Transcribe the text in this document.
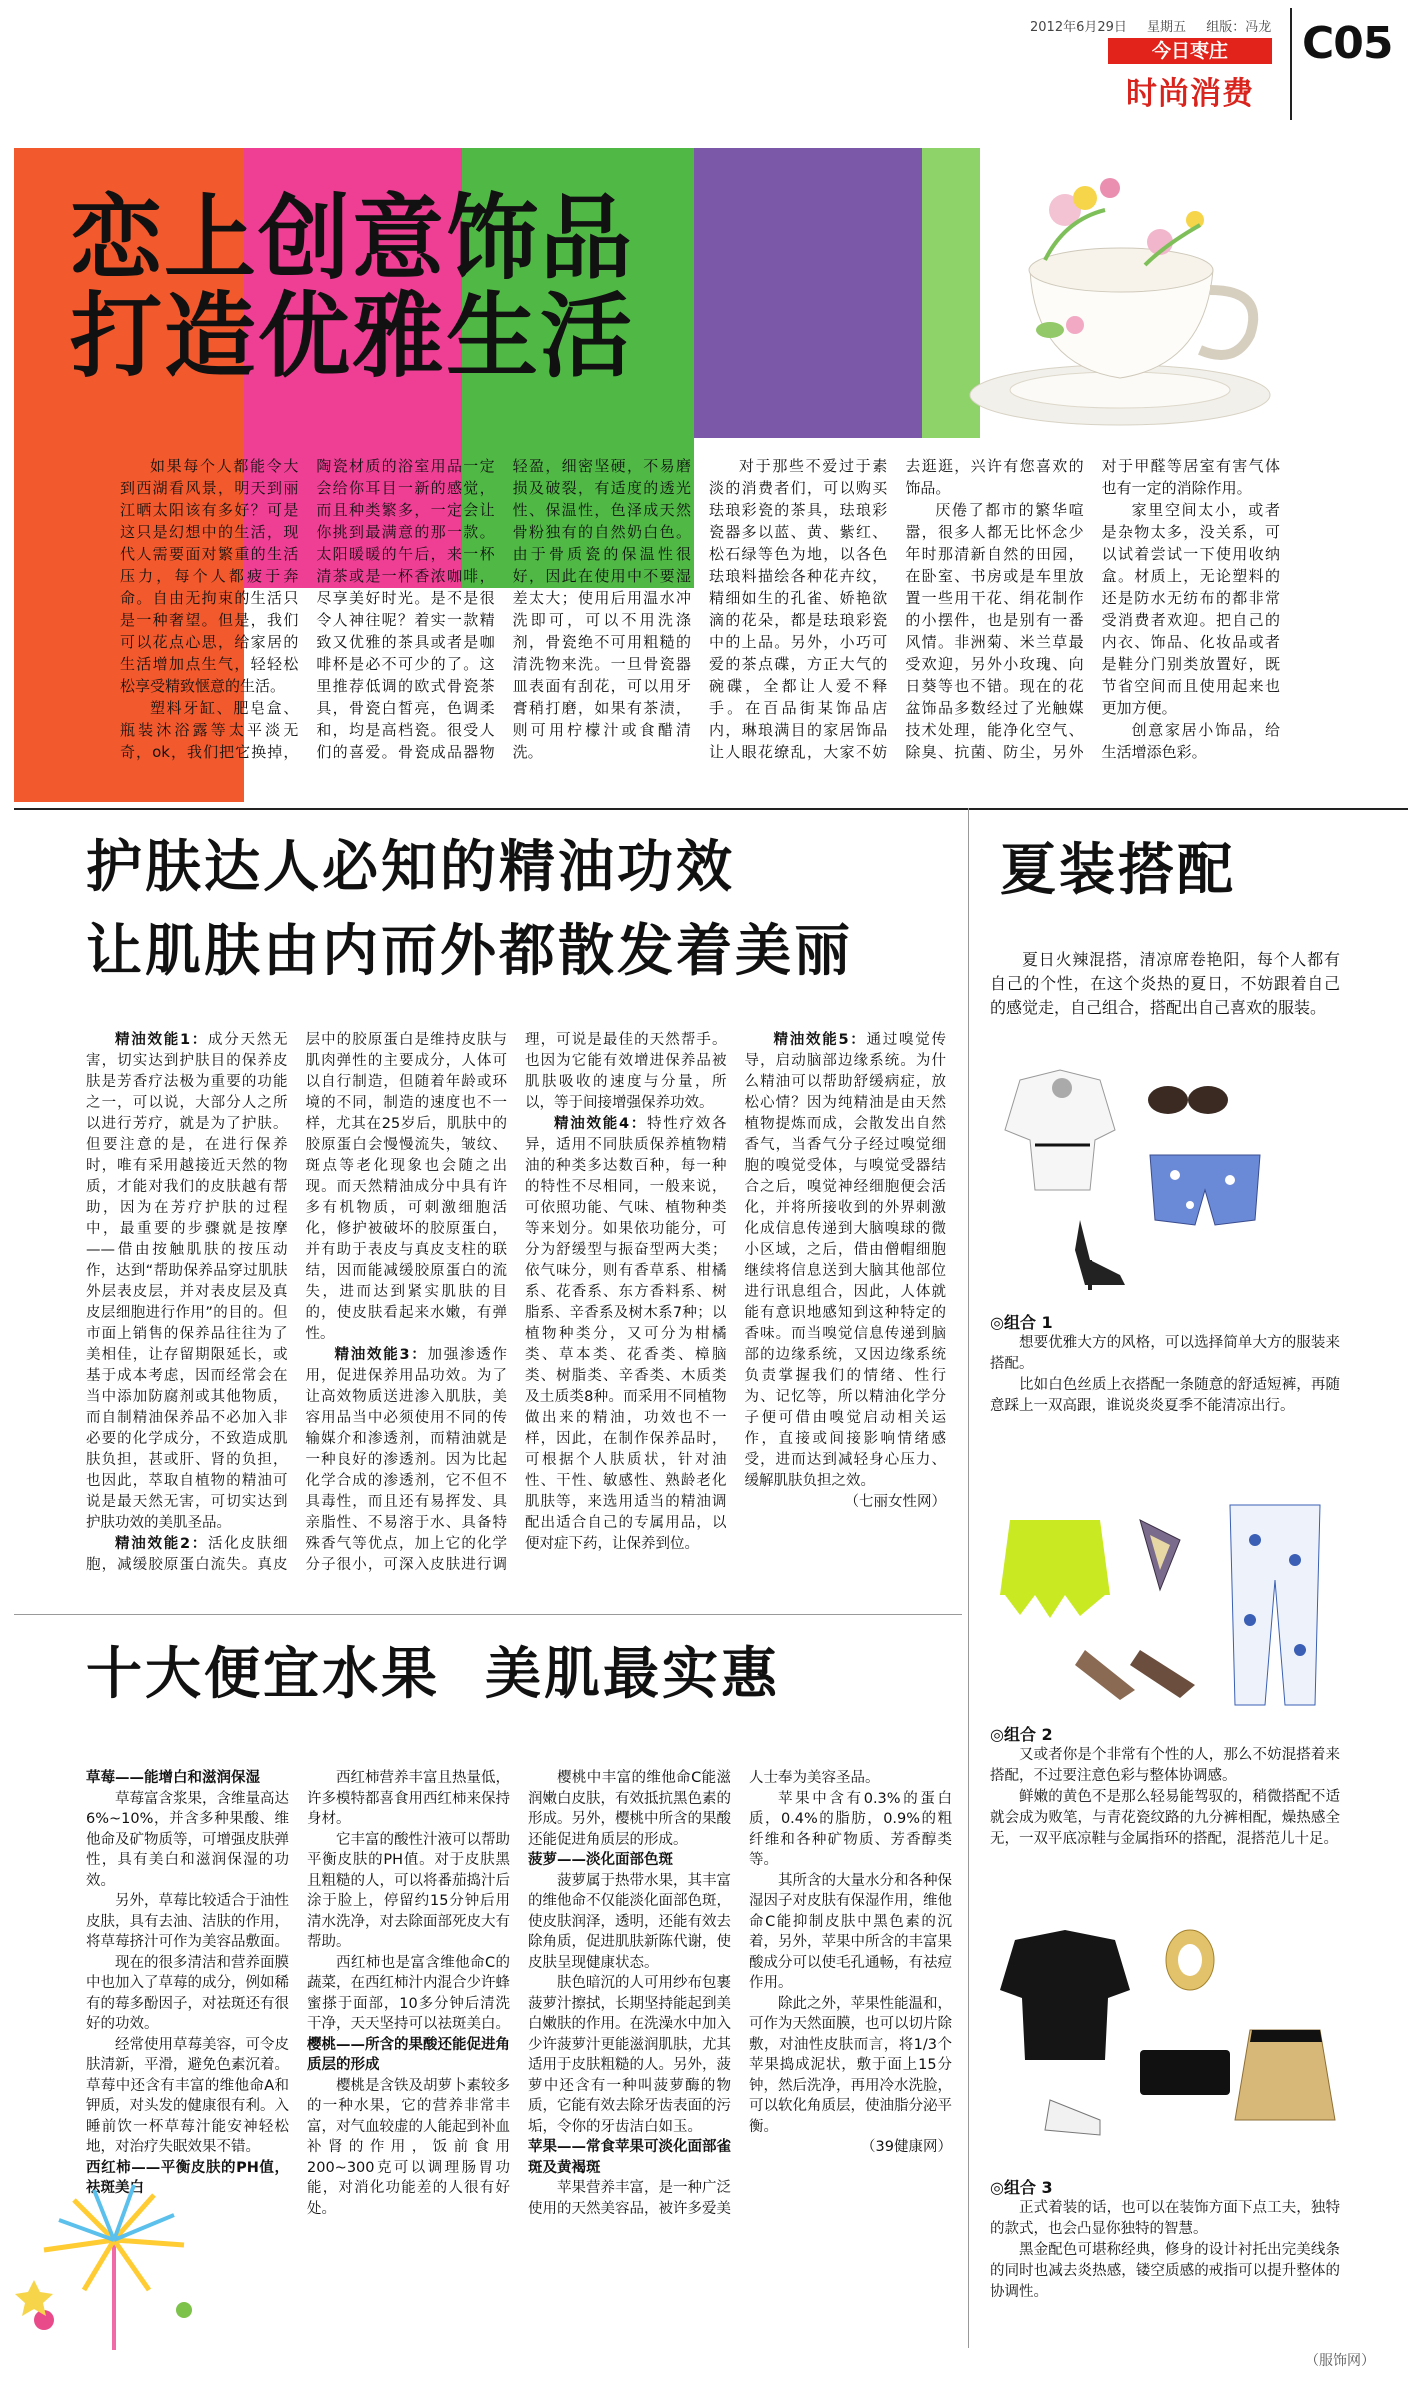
2012年6月29日 星期五 组版：冯龙
今日枣庄
时尚消费
C05
恋上创意饰品
打造优雅生活

如果每个人都能令大到西湖看风景，明天到丽江晒太阳该有多好？可是这只是幻想中的生活，现代人需要面对繁重的生活压力，每个人都疲于奔命。自由无拘束的生活只是一种奢望。但是，我们可以花点心思，给家居的生活增加点生气，轻轻松松享受精致惬意的生活。

塑料牙缸、肥皂盒、瓶装沐浴露等太平淡无奇，ok，我们把它换掉，陶瓷材质的浴室用品一定会给你耳目一新的感觉，而且种类繁多，一定会让你挑到最满意的那一款。太阳暖暖的午后，来一杯清茶或是一杯香浓咖啡，尽享美好时光。是不是很令人神往呢？着实一款精致又优雅的茶具或者是咖啡杯是必不可少的了。这里推荐低调的欧式骨瓷茶具，骨瓷白皙亮，色调柔和，均是高档瓷。很受人们的喜爱。骨瓷成品器物轻盈，细密坚硬，不易磨损及破裂，有适度的透光性、保温性，色泽成天然骨粉独有的自然奶白色。由于骨质瓷的保温性很好，因此在使用中不要湿差太大；使用后用温水冲洗即可，可以不用洗涤剂，骨瓷绝不可用粗糙的清洗物来洗。一旦骨瓷器皿表面有刮花，可以用牙膏稍打磨，如果有茶渍，则可用柠檬汁或食醋清洗。

对于那些不爱过于素淡的消费者们，可以购买珐琅彩瓷的茶具，珐琅彩瓷器多以蓝、黄、紫红、松石绿等色为地，以各色珐琅料描绘各种花卉纹，精细如生的孔雀、娇艳欲滴的花朵，都是珐琅彩瓷中的上品。另外，小巧可爱的茶点碟，方正大气的碗碟，全都让人爱不释手。在百品街某饰品店内，琳琅满目的家居饰品让人眼花缭乱，大家不妨去逛逛，兴许有您喜欢的饰品。

厌倦了都市的繁华喧嚣，很多人都无比怀念少年时那清新自然的田园，在卧室、书房或是车里放置一些用干花、绢花制作的小摆件，也是别有一番风情。非洲菊、米兰草最受欢迎，另外小玫瑰、向日葵等也不错。现在的花盆饰品多数经过了光触媒技术处理，能净化空气、除臭、抗菌、防尘，另外对于甲醛等居室有害气体也有一定的消除作用。

家里空间太小，或者是杂物太多，没关系，可以试着尝试一下使用收纳盒。材质上，无论塑料的还是防水无纺布的都非常受消费者欢迎。把自己的内衣、饰品、化妆品或者是鞋分门别类放置好，既节省空间而且使用起来也更加方便。

创意家居小饰品，给生活增添色彩。

护肤达人必知的精油功效
让肌肤由内而外都散发着美丽

精油效能1：成分天然无害，切实达到护肤目的保养皮肤是芳香疗法极为重要的功能之一，可以说，大部分人之所以进行芳疗，就是为了护肤。但要注意的是，在进行保养时，唯有采用越接近天然的物质，才能对我们的皮肤越有帮助，因为在芳疗护肤的过程中，最重要的步骤就是按摩——借由按触肌肤的按压动作，达到“帮助保养品穿过肌肤外层表皮层，并对表皮层及真皮层细胞进行作用”的目的。但市面上销售的保养品往往为了美相佳，让存留期限延长，或基于成本考虑，因而经常会在当中添加防腐剂或其他物质，而自制精油保养品不必加入非必要的化学成分，不致造成肌肤负担，甚或肝、肾的负担，也因此，萃取自植物的精油可说是最天然无害，可切实达到护肤功效的美肌圣品。

精油效能2：活化皮肤细胞，减缓胶原蛋白流失。真皮层中的胶原蛋白是维持皮肤与肌肉弹性的主要成分，人体可以自行制造，但随着年龄或环境的不同，制造的速度也不一样，尤其在25岁后，肌肤中的胶原蛋白会慢慢流失，皱纹、斑点等老化现象也会随之出现。而天然精油成分中具有许多有机物质，可刺激细胞活化，修护被破坏的胶原蛋白，并有助于表皮与真皮支柱的联结，因而能减缓胶原蛋白的流失，进而达到紧实肌肤的目的，使皮肤看起来水嫩，有弹性。

精油效能3：加强渗透作用，促进保养用品功效。为了让高效物质送进渗入肌肤，美容用品当中必须使用不同的传输媒介和渗透剂，而精油就是一种良好的渗透剂。因为比起化学合成的渗透剂，它不但不具毒性，而且还有易挥发、具亲脂性、不易溶于水、具备特殊香气等优点，加上它的化学分子很小，可深入皮肤进行调理，可说是最佳的天然帮手。也因为它能有效增进保养品被肌肤吸收的速度与分量，所以，等于间接增强保养功效。

精油效能4：特性疗效各异，适用不同肤质保养植物精油的种类多达数百种，每一种的特性不尽相同，一般来说，可依照功能、气味、植物种类等来划分。如果依功能分，可分为舒缓型与振奋型两大类；依气味分，则有香草系、柑橘系、花香系、东方香料系、树脂系、辛香系及树木系7种；以植物种类分，又可分为柑橘类、草本类、花香类、樟脑类、树脂类、辛香类、木质类及土质类8种。而采用不同植物做出来的精油，功效也不一样，因此，在制作保养品时，可根据个人肤质状，针对油性、干性、敏感性、熟龄老化肌肤等，来选用适当的精油调配出适合自己的专属用品，以便对症下药，让保养到位。

精油效能5：通过嗅觉传导，启动脑部边缘系统。为什么精油可以帮助舒缓病症，放松心情？因为纯精油是由天然植物提炼而成，会散发出自然香气，当香气分子经过嗅觉细胞的嗅觉受体，与嗅觉受器结合之后，嗅觉神经细胞便会活化，并将所接收到的外界刺激化成信息传递到大脑嗅球的微小区域，之后，借由僧帽细胞继续将信息送到大脑其他部位进行讯息组合，因此，人体就能有意识地感知到这种特定的香味。而当嗅觉信息传递到脑部的边缘系统，又因边缘系统负责掌握我们的情绪、性行为、记忆等，所以精油化学分子便可借由嗅觉启动相关运作，直接或间接影响情绪感受，进而达到减轻身心压力、缓解肌肤负担之效。

（七丽女性网）

十大便宜水果  美肌最实惠

草莓——能增白和滋润保湿

草莓富含浆果，含维量高达6%~10%，并含多种果酸、维他命及矿物质等，可增强皮肤弹性，具有美白和滋润保湿的功效。

另外，草莓比较适合于油性皮肤，具有去油、洁肤的作用，将草莓挤汁可作为美容品敷面。

现在的很多清洁和营养面膜中也加入了草莓的成分，例如稀有的莓多酚因子，对祛斑还有很好的功效。

经常使用草莓美容，可令皮肤清新，平滑，避免色素沉着。草莓中还含有丰富的维他命A和钾质，对头发的健康很有利。入睡前饮一杯草莓汁能安神轻松地，对治疗失眠效果不错。

西红柿——平衡皮肤的PH值，祛斑美白

西红柿营养丰富且热量低，许多模特都喜食用西红柿来保持身材。

它丰富的酸性汁液可以帮助平衡皮肤的PH值。对于皮肤黑且粗糙的人，可以将番茄捣汁后涂于脸上，停留约15分钟后用清水洗净，对去除面部死皮大有帮助。

西红柿也是富含维他命C的蔬菜，在西红柿汁内混合少许蜂蜜搽于面部，10多分钟后清洗干净，天天坚持可以祛斑美白。

樱桃——所含的果酸还能促进角质层的形成

樱桃是含铁及胡萝卜素较多的一种水果，它的营养非常丰富，对气血较虚的人能起到补血补肾的作用，饭前食用200~300克可以调理肠胃功能，对消化功能差的人很有好处。

樱桃中丰富的维他命C能滋润嫩白皮肤，有效抵抗黑色素的形成。另外，樱桃中所含的果酸还能促进角质层的形成。

菠萝——淡化面部色斑

菠萝属于热带水果，其丰富的维他命不仅能淡化面部色斑，使皮肤润泽，透明，还能有效去除角质，促进肌肤新陈代谢，使皮肤呈现健康状态。

肤色暗沉的人可用纱布包裹菠萝汁擦拭，长期坚持能起到美白嫩肤的作用。在洗澡水中加入少许菠萝汁更能滋润肌肤，尤其适用于皮肤粗糙的人。另外，菠萝中还含有一种叫菠萝酶的物质，它能有效去除牙齿表面的污垢，令你的牙齿洁白如玉。

苹果——常食苹果可淡化面部雀斑及黄褐斑

苹果营养丰富，是一种广泛使用的天然美容品，被许多爱美人士奉为美容圣品。

苹果中含有0.3%的蛋白质，0.4%的脂肪，0.9%的粗纤维和各种矿物质、芳香醇类等。

其所含的大量水分和各种保湿因子对皮肤有保湿作用，维他命C能抑制皮肤中黑色素的沉着，另外，苹果中所含的丰富果酸成分可以使毛孔通畅，有祛痘作用。

除此之外，苹果性能温和，可作为天然面膜，也可以切片除敷，对油性皮肤而言，将1/3个苹果捣成泥状，敷于面上15分钟，然后洗净，再用冷水洗脸，可以软化角质层，使油脂分泌平衡。

（39健康网）

夏装搭配
夏日火辣混搭，清凉席卷艳阳，每个人都有自己的个性，在这个炎热的夏日，不妨跟着自己的感觉走，自己组合，搭配出自己喜欢的服装。
◎组合 1
想要优雅大方的风格，可以选择简单大方的服装来搭配。
比如白色丝质上衣搭配一条随意的舒适短裤，再随意踩上一双高跟，谁说炎炎夏季不能清凉出行。
◎组合 2
又或者你是个非常有个性的人，那么不妨混搭着来搭配，不过要注意色彩与整体协调感。
鲜嫩的黄色不是那么轻易能驾驭的，稍微搭配不适就会成为败笔，与青花瓷纹路的九分裤相配，燥热感全无，一双平底凉鞋与金属指环的搭配，混搭范儿十足。
◎组合 3
正式着装的话，也可以在装饰方面下点工夫，独特的款式，也会凸显你独特的智慧。
黑金配色可堪称经典，修身的设计衬托出完美线条的同时也减去炎热感，镂空质感的戒指可以提升整体的协调性。
（服饰网）
